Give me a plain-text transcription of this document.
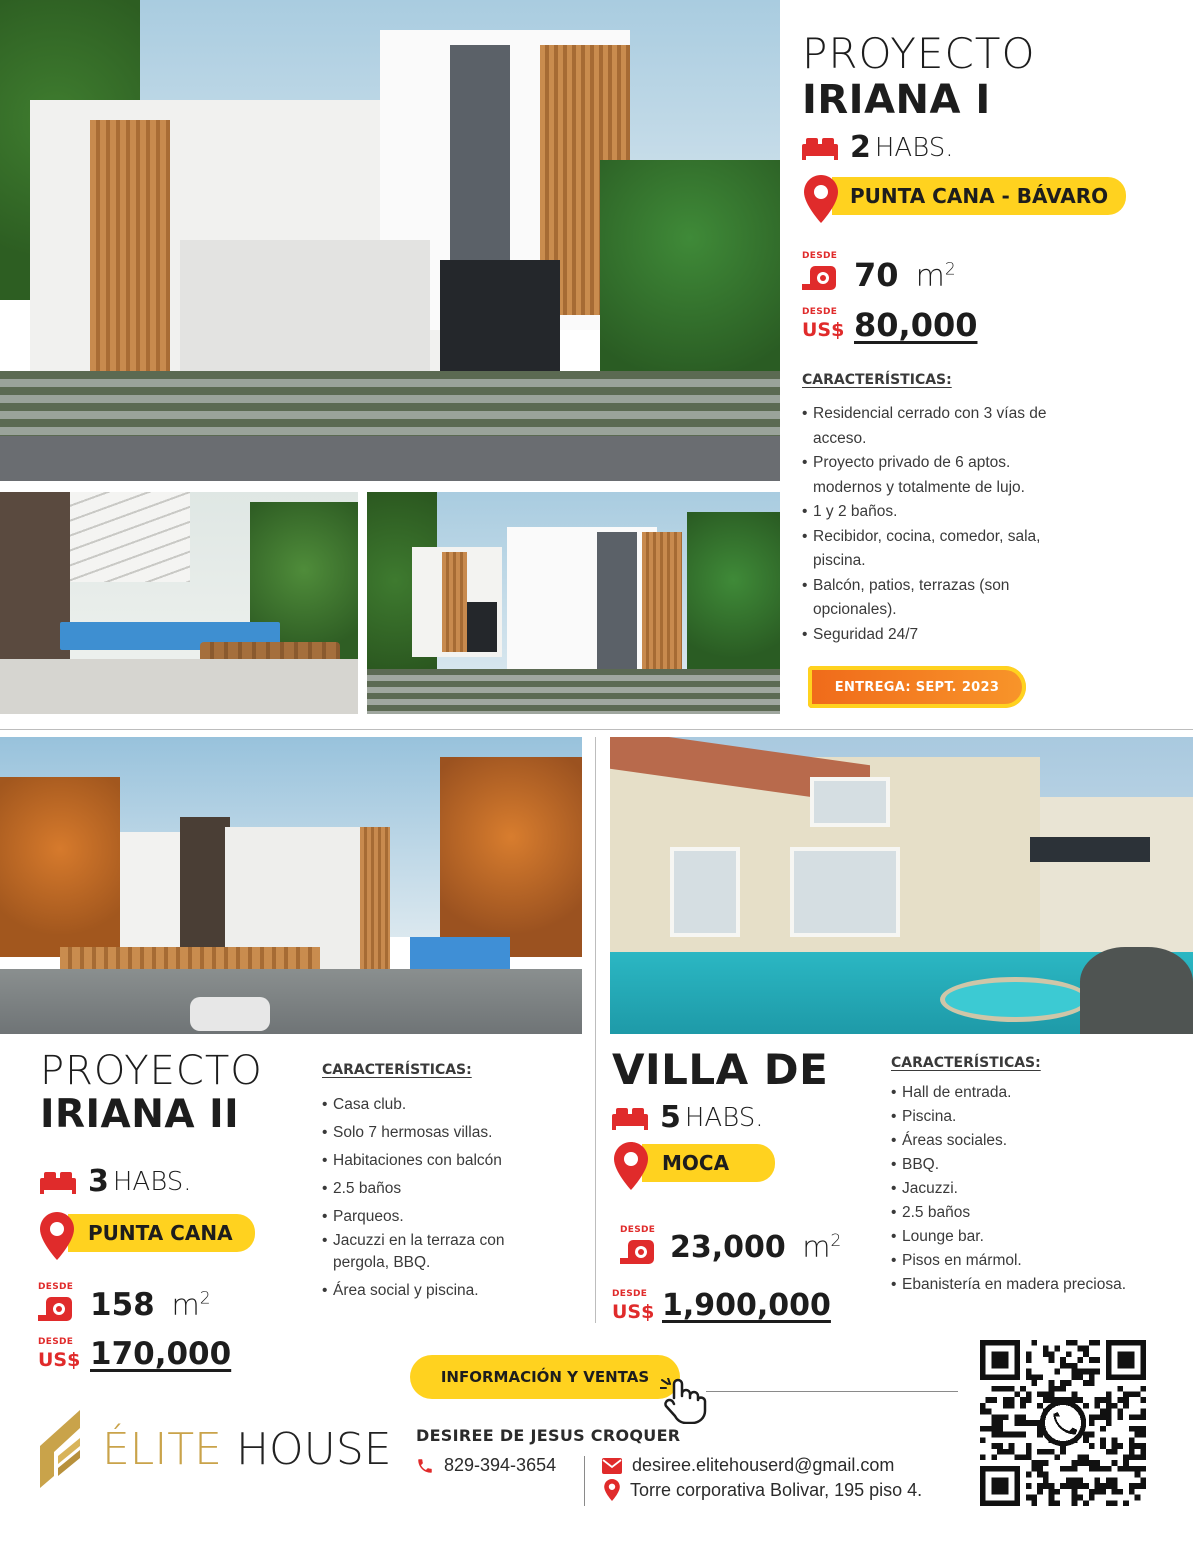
PROYECTO
IRIANA I
2 HABS.
PUNTA CANA - BÁVARO
DESDE 70 $m^2$
DESDE
US$ 80,000
CARACTERÍSTICAS:
• Residencial cerrado con 3 vías de acceso.
• Proyecto privado de 6 aptos. modernos y totalmente de lujo.
• 1 y 2 baños.
• Recibidor, cocina, comedor, sala, piscina.
• Balcón, patios, terrazas (son opcionales).
• Seguridad 24/7
ENTREGA: SEPT. 2023
PROYECTO
IRIANA II
3 HABS.
PUNTA CANA
DESDE 158 $m^2$
DESDE
US$ 170,000
CARACTERÍSTICAS:
• Casa club.
• Solo 7 hermosas villas.
• Habitaciones con balcón
• 2.5 baños
• Parqueos.
• Jacuzzi en la terraza con pergola, BBQ.
• Área social y piscina.
VILLA DE
5 HABS.
MOCA
DESDE 23,000 $m^2$
DESDE
US$ 1,900,000
CARACTERÍSTICAS:
• Hall de entrada.
• Piscina.
• Áreas sociales.
• BBQ.
• Jacuzzi.
• 2.5 baños
• Lounge bar.
• Pisos en mármol.
• Ebanistería en madera preciosa.
INFORMACIÓN Y VENTAS
ÉLITE HOUSE DESIREE DE JESUS CROQUER
829-394-3654	desiree.elitehouserd@gmail.com
Torre corporativa Bolivar, 195 piso 4.
